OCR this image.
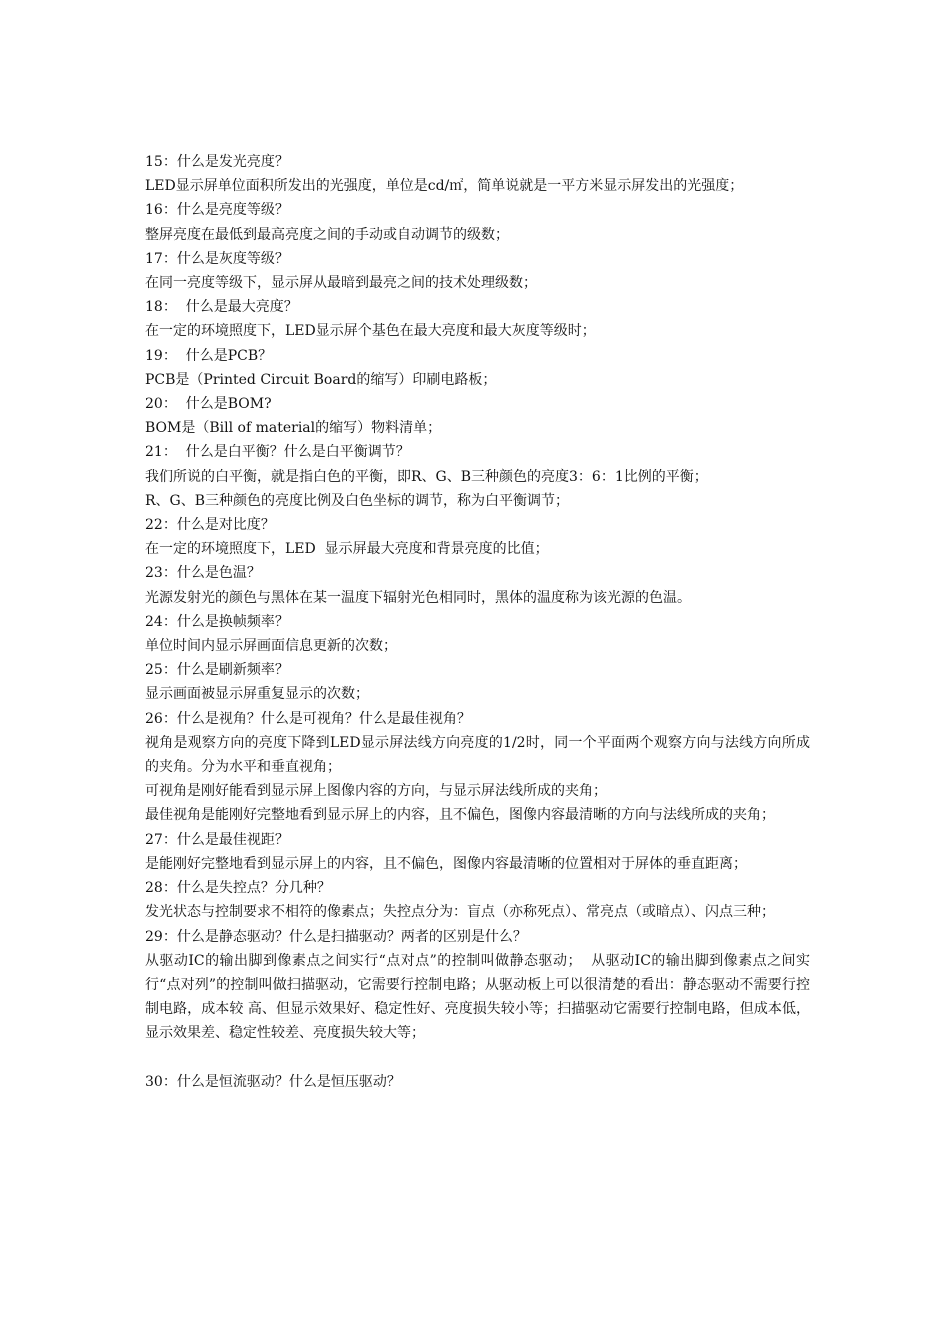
15：什么是发光亮度？
LED显示屏单位面积所发出的光强度，单位是cd/㎡，简单说就是一平方米显示屏发出的光强度；
16：什么是亮度等级？
整屏亮度在最低到最高亮度之间的手动或自动调节的级数；
17：什么是灰度等级？
在同一亮度等级下，显示屏从最暗到最亮之间的技术处理级数；
18：  什么是最大亮度？
在一定的环境照度下，LED显示屏个基色在最大亮度和最大灰度等级时；
19：  什么是PCB？
PCB是（Printed Circuit Board的缩写）印刷电路板；
20：  什么是BOM?
BOM是（Bill of material的缩写）物料清单；
21：  什么是白平衡？什么是白平衡调节？
我们所说的白平衡，就是指白色的平衡，即R、G、B三种颜色的亮度3：6：1比例的平衡；
R、G、B三种颜色的亮度比例及白色坐标的调节，称为白平衡调节；
22：什么是对比度？
在一定的环境照度下，LED  显示屏最大亮度和背景亮度的比值；
23：什么是色温？
光源发射光的颜色与黑体在某一温度下辐射光色相同时，黑体的温度称为该光源的色温。
24：什么是换帧频率？
单位时间内显示屏画面信息更新的次数；
25：什么是刷新频率？
显示画面被显示屏重复显示的次数；
26：什么是视角？什么是可视角？什么是最佳视角？
视角是观察方向的亮度下降到LED显示屏法线方向亮度的1/2时，同一个平面两个观察方向与法线方向所成的夹角。分为水平和垂直视角；
可视角是刚好能看到显示屏上图像内容的方向，与显示屏法线所成的夹角；
最佳视角是能刚好完整地看到显示屏上的内容，且不偏色，图像内容最清晰的方向与法线所成的夹角；
27：什么是最佳视距？
是能刚好完整地看到显示屏上的内容，且不偏色，图像内容最清晰的位置相对于屏体的垂直距离；
28：什么是失控点？分几种？
发光状态与控制要求不相符的像素点；失控点分为：盲点（亦称死点）、常亮点（或暗点）、闪点三种；
29：什么是静态驱动？什么是扫描驱动？两者的区别是什么？
从驱动IC的输出脚到像素点之间实行“点对点”的控制叫做静态驱动；  从驱动IC的输出脚到像素点之间实行“点对列”的控制叫做扫描驱动，它需要行控制电路；从驱动板上可以很清楚的看出：静态驱动不需要行控制电路，成本较 高、但显示效果好、稳定性好、亮度损失较小等；扫描驱动它需要行控制电路，但成本低，显示效果差、稳定性较差、亮度损失较大等；
30：什么是恒流驱动？什么是恒压驱动？
